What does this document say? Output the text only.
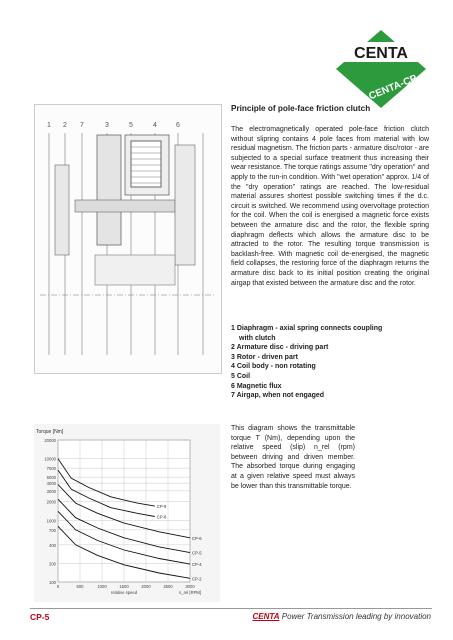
CENTA
CENTA-CP
Principle of pole-face friction clutch

The electromagnetically operated pole-face friction clutch without slipring contains 4 pole faces from material with low residual magnetism. The friction parts - armature disc/rotor - are subjected to a special surface treatment thus increasing their wear resistance. The torque ratings assume "dry operation" and apply to the run-in condition. With "wet operation" approx. 1/4 of the "dry operation" ratings are reached. The low-residual material assures shortest possible switching times if the d.c. circuit is switched. We recommend using overvoltage protection for the coil. When the coil is energised a magnetic force exists between the armature disc and the rotor, the flexible spring diaphragm deflects which allows the armature disc to be attracted to the rotor. The resulting torque transmission is backlash-free. With magnetic coil de-energised, the magnetic field collapses, the restoring force of the diaphragm returns the armature disc back to its initial position creating the original airgap that existed between the armature disc and the rotor.

1 2 7	3	5	4	6
1 Diaphragm - axial spring connects coupling
with clutch
2 Armature disc - driving part
3 Rotor - driven part
4 Coil body - non rotating
5 Coil
6 Magnetic flux
7 Airgap, when not engaged
100
200
400
700
1000
2000
3000
4000
5000
7000
10000
20000
0	500	1000	1500	2000	2500	3000
Torque [Nm]
relative speed	n_rel [RPM]
CP-9
CP-8
CP-6
CP-5
CP-4
CP-2
This diagram shows the transmittable torque T (Nm), depending upon the relative speed (slip) n_rel (rpm) between driving and driven member. The absorbed torque during engaging at a given relative speed must always be lower than this transmittable torque.
CP-5	CENTA Power Transmission leading by innovation
